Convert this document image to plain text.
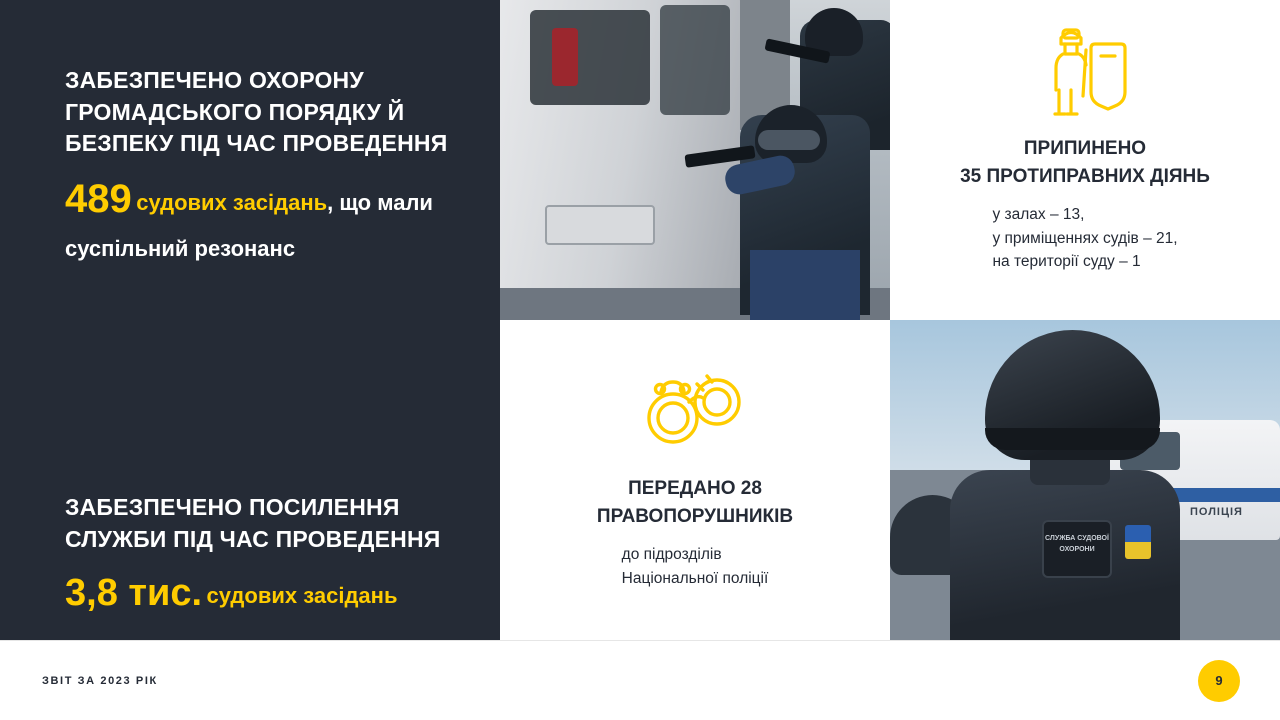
ЗАБЕЗПЕЧЕНО ОХОРОНУ
ГРОМАДСЬКОГО ПОРЯДКУ Й
БЕЗПЕКУ ПІД ЧАС ПРОВЕДЕННЯ
489 судових засідань, що мали
суспільний резонанс
ЗАБЕЗПЕЧЕНО ПОСИЛЕННЯ
СЛУЖБИ ПІД ЧАС ПРОВЕДЕННЯ
3,8 тис. судових засідань
ПРИПИНЕНО
35 ПРОТИПРАВНИХ ДІЯНЬ
у залах – 13,
у приміщеннях судів – 21,
на території суду – 1
ПЕРЕДАНО 28
ПРАВОПОРУШНИКІВ
до підрозділів
Національної поліції
ПОЛІЦІЯ
СЛУЖБА СУДОВОЇ ОХОРОНИ
ЗВІТ ЗА 2023 РІК	9
